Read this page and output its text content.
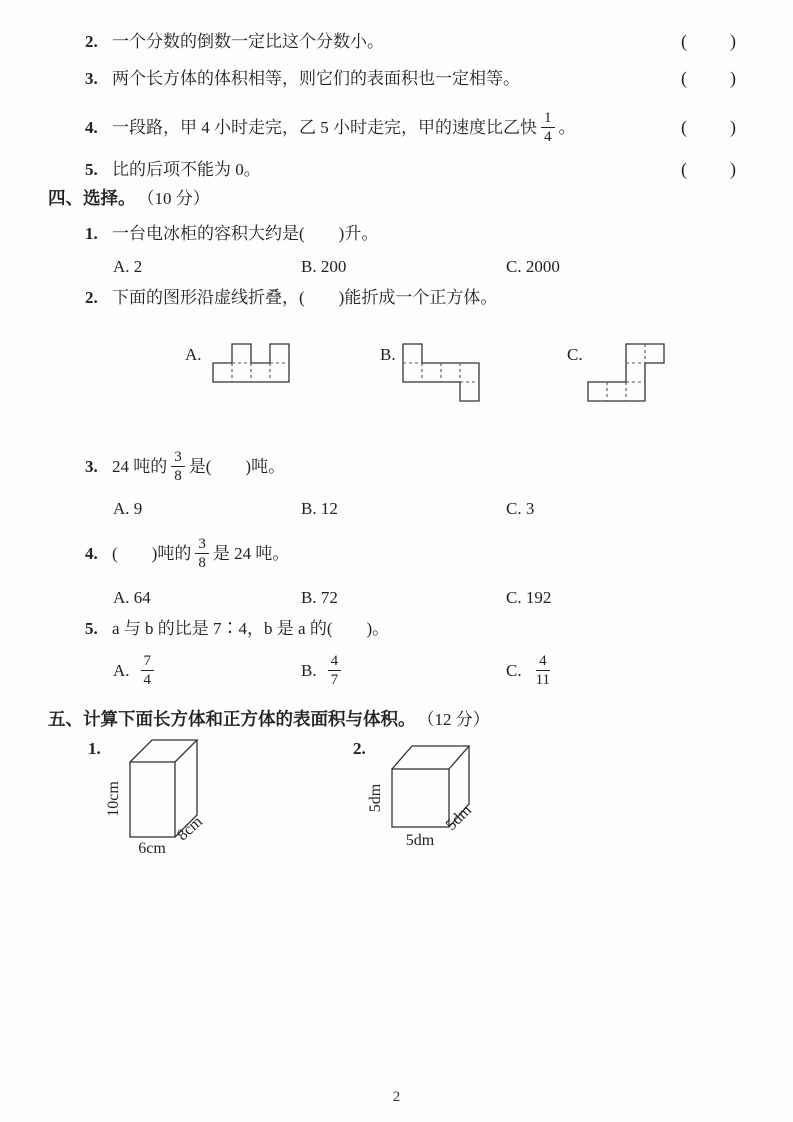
2. 一个分数的倒数一定比这个分数小。	( )
3. 两个长方体的体积相等，则它们的表面积也一定相等。	( )
4. 一段路，甲 4 小时走完，乙 5 小时走完，甲的速度比乙快 $\frac{1}{4}$ 。	( )
5. 比的后项不能为 0。	( )
四、选择。 （10 分）
1. 一台电冰柜的容积大约是(　　)升。
A. 2	B. 200	C. 2000
2. 下面的图形沿虚线折叠，(　　)能折成一个正方体。
A.	B.	C.
3. 24 吨的 $\frac{3}{8}$ 是(　　)吨。
A. 9	B. 12	C. 3
4. (　　)吨的 $\frac{3}{8}$ 是 24 吨。
A. 64	B. 72	C. 192
5. a 与 b 的比是 7∶4，b 是 a 的(　　)。
A. $\frac{7}{4}$	B. $\frac{4}{7}$	C. $\frac{4}{11}$
五、计算下面长方体和正方体的表面积与体积。 （12 分）
1.
10cm
6cm
8cm
2.
5dm
5dm
5dm
2
